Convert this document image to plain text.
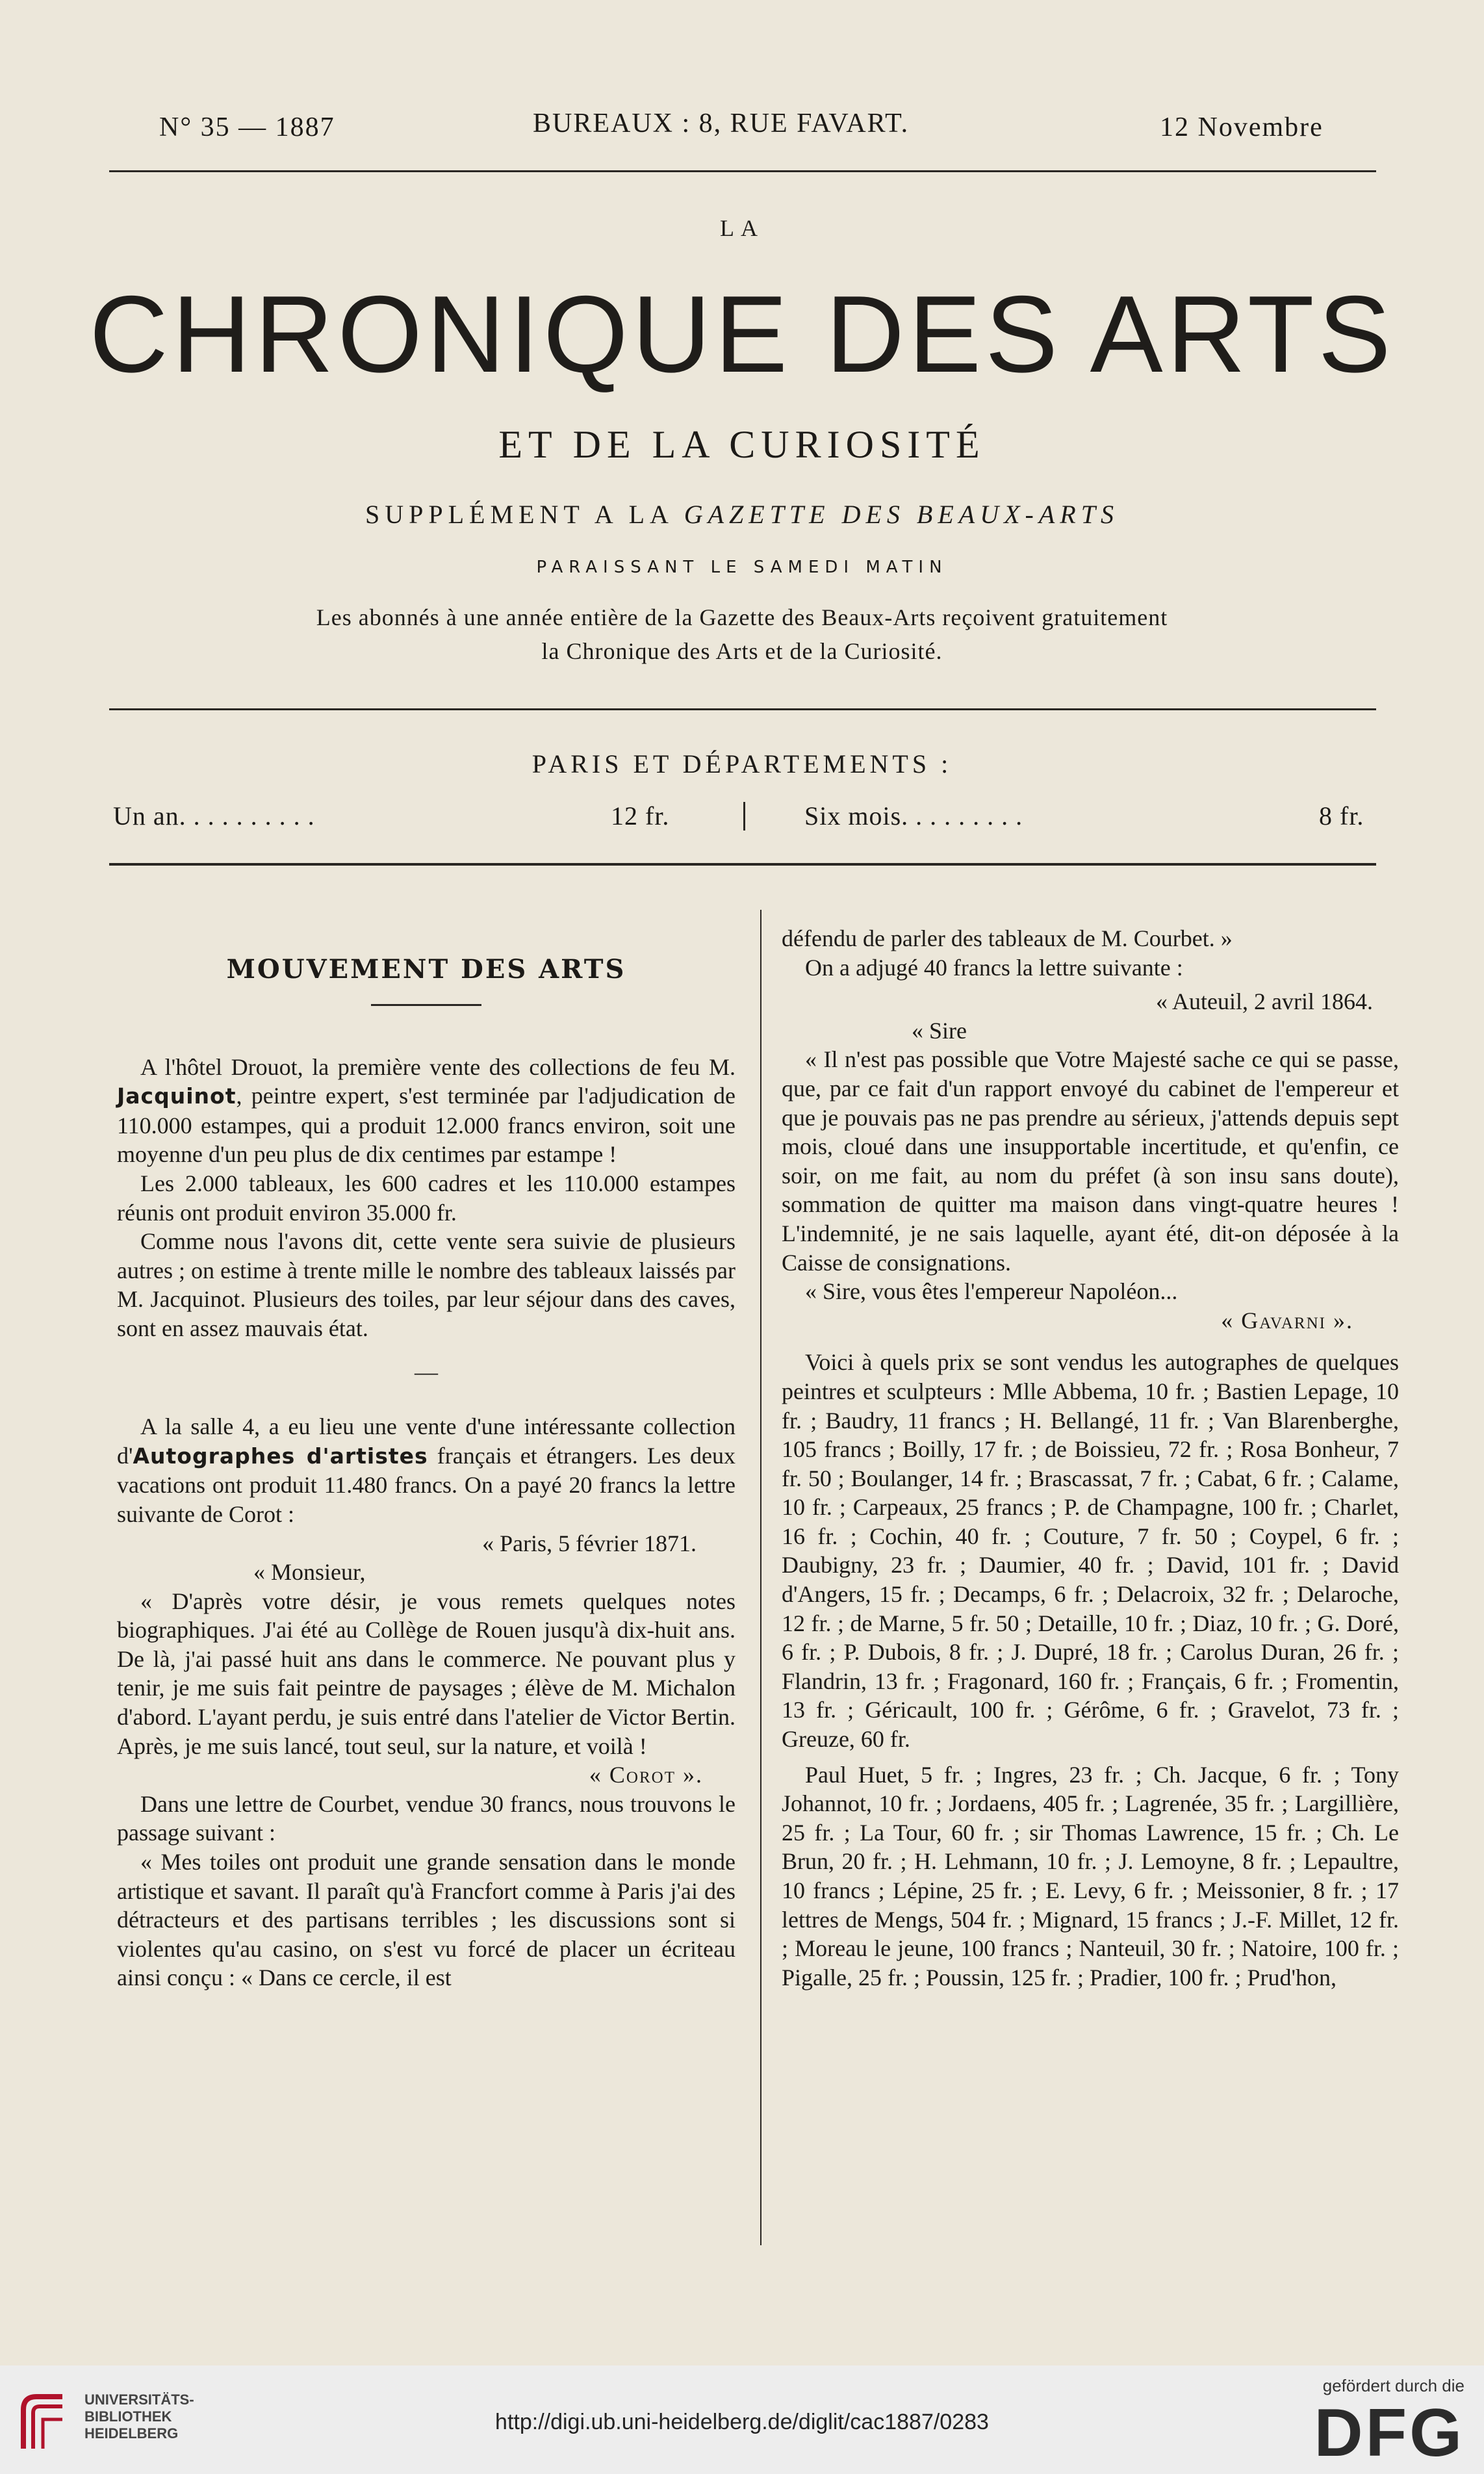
N° 35 — 1887	BUREAUX : 8, RUE FAVART.	12 Novembre
LA
CHRONIQUE DES ARTS
ET DE LA CURIOSITÉ
SUPPLÉMENT A LA GAZETTE DES BEAUX-ARTS
PARAISSANT LE SAMEDI MATIN
Les abonnés à une année entière de la Gazette des Beaux-Arts reçoivent gratuitement
la Chronique des Arts et de la Curiosité.
PARIS ET DÉPARTEMENTS :
Un an. . . . . . . . . .	12 fr.	Six mois. . . . . . . . .	8 fr.
MOUVEMENT DES ARTS

A l'hôtel Drouot, la première vente des collections de feu M. Jacquinot, peintre expert, s'est terminée par l'adjudication de 110.000 estampes, qui a produit 12.000 francs environ, soit une moyenne d'un peu plus de dix centimes par estampe !

Les 2.000 tableaux, les 600 cadres et les 110.000 estampes réunis ont produit environ 35.000 fr.

Comme nous l'avons dit, cette vente sera suivie de plusieurs autres ; on estime à trente mille le nombre des tableaux laissés par M. Jacquinot. Plusieurs des toiles, par leur séjour dans des caves, sont en assez mauvais état.

—

A la salle 4, a eu lieu une vente d'une intéressante collection d'Autographes d'artistes français et étrangers. Les deux vacations ont produit 11.480 francs. On a payé 20 francs la lettre suivante de Corot :

« Paris, 5 février 1871.

« Monsieur,

« D'après votre désir, je vous remets quelques notes biographiques. J'ai été au Collège de Rouen jusqu'à dix-huit ans. De là, j'ai passé huit ans dans le commerce. Ne pouvant plus y tenir, je me suis fait peintre de paysages ; élève de M. Michalon d'abord. L'ayant perdu, je suis entré dans l'atelier de Victor Bertin. Après, je me suis lancé, tout seul, sur la nature, et voilà !

« Corot ».

Dans une lettre de Courbet, vendue 30 francs, nous trouvons le passage suivant :

« Mes toiles ont produit une grande sensation dans le monde artistique et savant. Il paraît qu'à Francfort comme à Paris j'ai des détracteurs et des partisans terribles ; les discussions sont si violentes qu'au casino, on s'est vu forcé de placer un écriteau ainsi conçu : « Dans ce cercle, il est

défendu de parler des tableaux de M. Courbet. »

On a adjugé 40 francs la lettre suivante :

« Auteuil, 2 avril 1864.

« Sire

« Il n'est pas possible que Votre Majesté sache ce qui se passe, que, par ce fait d'un rapport envoyé du cabinet de l'empereur et que je pouvais pas ne pas prendre au sérieux, j'attends depuis sept mois, cloué dans une insupportable incertitude, et qu'enfin, ce soir, on me fait, au nom du préfet (à son insu sans doute), sommation de quitter ma maison dans vingt-quatre heures ! L'indemnité, je ne sais laquelle, ayant été, dit-on déposée à la Caisse de consignations.

« Sire, vous êtes l'empereur Napoléon...

« Gavarni ».

Voici à quels prix se sont vendus les autographes de quelques peintres et sculpteurs : Mlle Abbema, 10 fr. ; Bastien Lepage, 10 fr. ; Baudry, 11 francs ; H. Bellangé, 11 fr. ; Van Blarenberghe, 105 francs ; Boilly, 17 fr. ; de Boissieu, 72 fr. ; Rosa Bonheur, 7 fr. 50 ; Boulanger, 14 fr. ; Brascassat, 7 fr. ; Cabat, 6 fr. ; Calame, 10 fr. ; Carpeaux, 25 francs ; P. de Champagne, 100 fr. ; Charlet, 16 fr. ; Cochin, 40 fr. ; Couture, 7 fr. 50 ; Coypel, 6 fr. ; Daubigny, 23 fr. ; Daumier, 40 fr. ; David, 101 fr. ; David d'Angers, 15 fr. ; Decamps, 6 fr. ; Delacroix, 32 fr. ; Delaroche, 12 fr. ; de Marne, 5 fr. 50 ; Detaille, 10 fr. ; Diaz, 10 fr. ; G. Doré, 6 fr. ; P. Dubois, 8 fr. ; J. Dupré, 18 fr. ; Carolus Duran, 26 fr. ; Flandrin, 13 fr. ; Fragonard, 160 fr. ; Français, 6 fr. ; Fromentin, 13 fr. ; Géricault, 100 fr. ; Gérôme, 6 fr. ; Gravelot, 73 fr. ; Greuze, 60 fr.

Paul Huet, 5 fr. ; Ingres, 23 fr. ; Ch. Jacque, 6 fr. ; Tony Johannot, 10 fr. ; Jordaens, 405 fr. ; Lagrenée, 35 fr. ; Largillière, 25 fr. ; La Tour, 60 fr. ; sir Thomas Lawrence, 15 fr. ; Ch. Le Brun, 20 fr. ; H. Lehmann, 10 fr. ; J. Lemoyne, 8 fr. ; Lepaultre, 10 francs ; Lépine, 25 fr. ; E. Levy, 6 fr. ; Meissonier, 8 fr. ; 17 lettres de Mengs, 504 fr. ; Mignard, 15 francs ; J.-F. Millet, 12 fr. ; Moreau le jeune, 100 francs ; Nanteuil, 30 fr. ; Natoire, 100 fr. ; Pigalle, 25 fr. ; Poussin, 125 fr. ; Pradier, 100 fr. ; Prud'hon,

UNIVERSITÄTS-
BIBLIOTHEK
HEIDELBERG	http://digi.ub.uni-heidelberg.de/diglit/cac1887/0283
gefördert durch die
DFG
